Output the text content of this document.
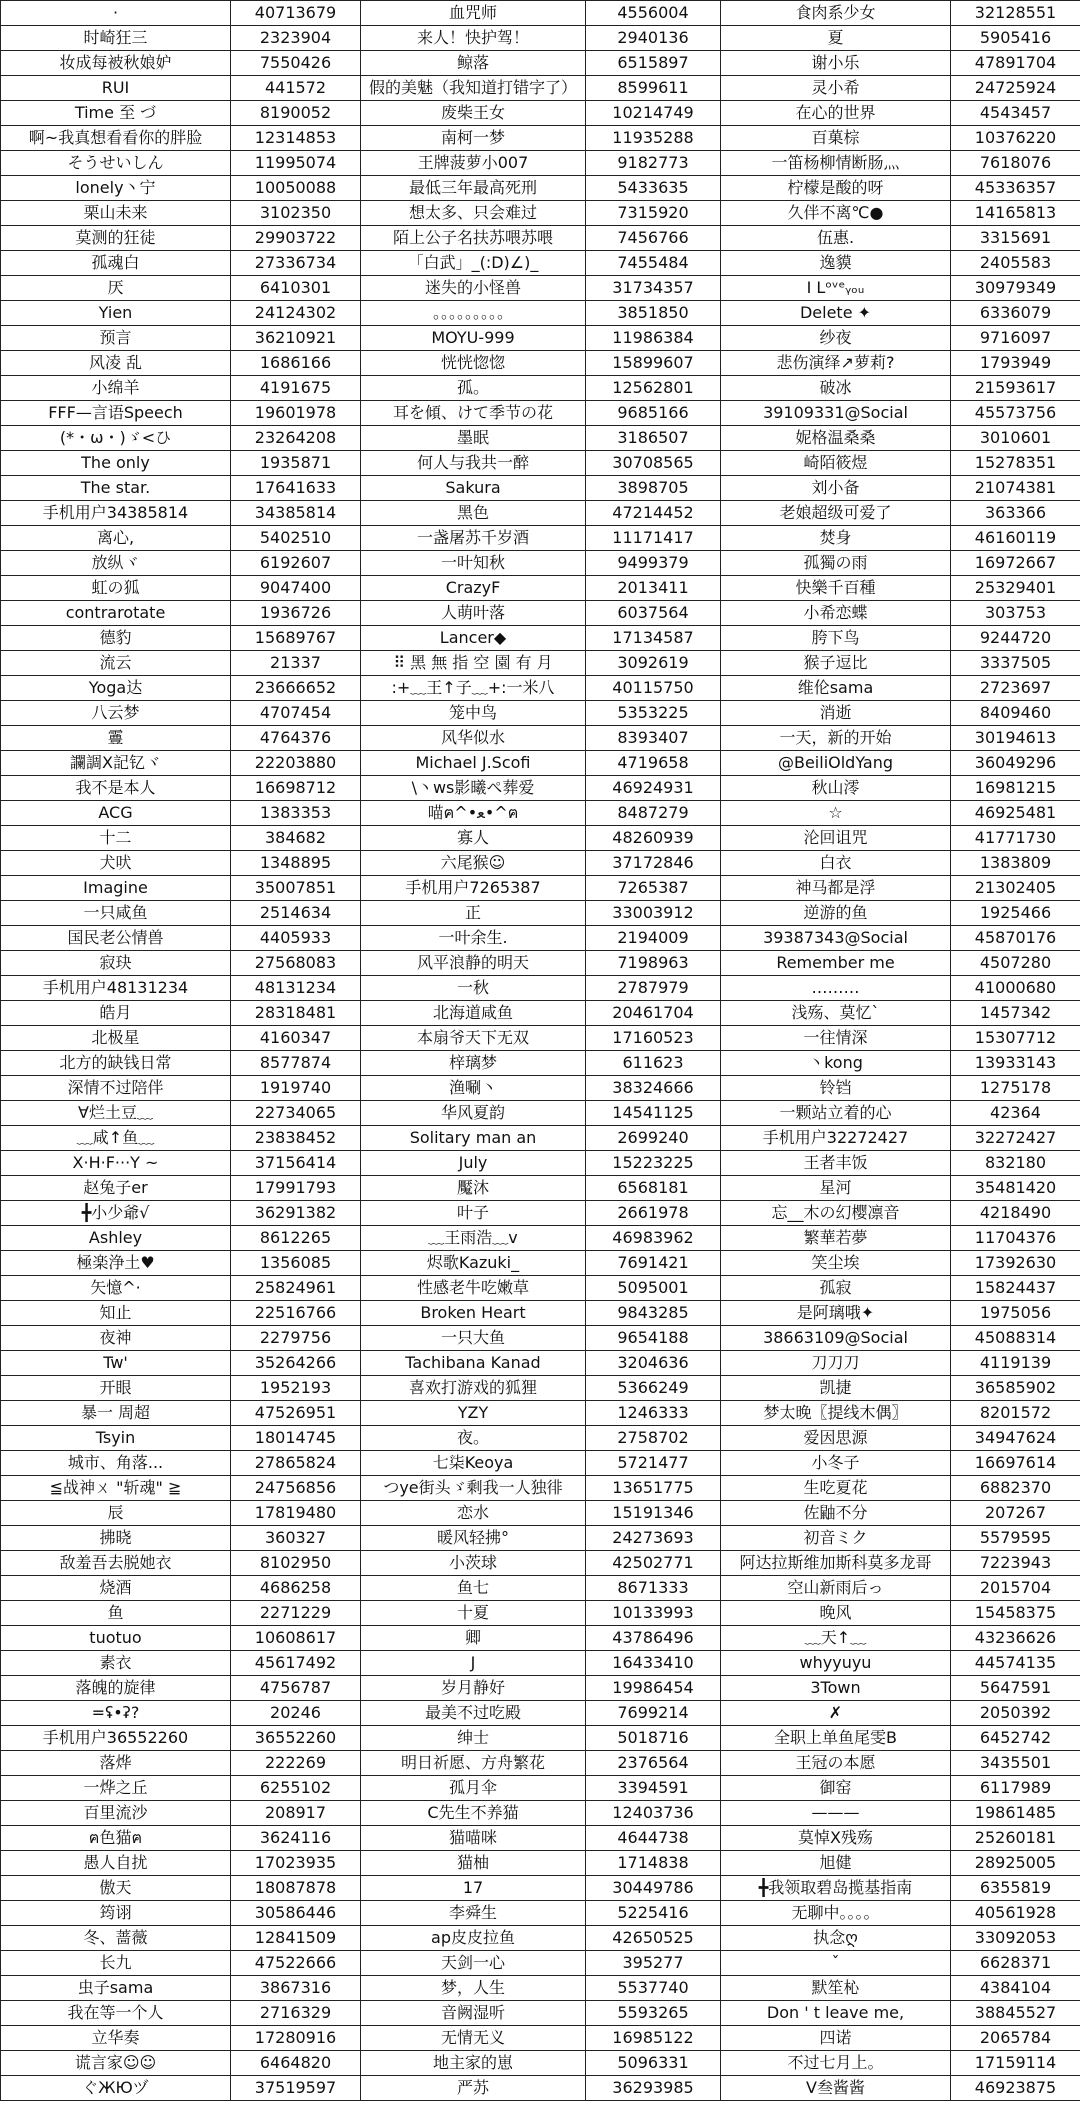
·	40713679	血咒师	4556004	食肉系少女	32128551
时崎狂三	2323904	来人！快护驾！	2940136	夏	5905416
妆成每被秋娘妒	7550426	鲸落	6515897	谢小乐	47891704
RUI	441572	假的美魅（我知道打错字了）	8599611	灵小希	24725924
Time 至 づ	8190052	废柴王女	10214749	在心的世界	4543457
啊~我真想看看你的胖脸	12314853	南柯一梦	11935288	百菓棕	10376220
そうせいしん	11995074	王牌菠萝小007	9182773	一笛杨柳情断肠灬	7618076
lonely丶宁	10050088	最低三年最高死刑	5433635	柠檬是酸的呀	45336357
栗山未来	3102350	想太多、只会难过	7315920	久伴不离℃●	14165813
莫测的狂徒	29903722	陌上公子名扶苏喂苏喂	7456766	伍惠.	3315691
孤魂白	27336734	「白武」_(:D)∠)_	7455484	逸貘	2405583
厌	6410301	迷失的小怪兽	31734357	I Lᵒᵛᵉᵧₒᵤ	30979349
Yien	24124302	。。。。。。。。。	3851850	Delete ✦	6336079
预言	36210921	MOYU-999	11986384	纱夜	9716097
风凌 乱	1686166	恍恍惚惚	15899607	悲伤演绎↗萝莉?	1793949
小绵羊	4191675	孤。	12562801	破冰	21593617
FFF—言语Speech	19601978	耳を傾、けて季节の花	9685166	39109331@Social	45573756
(*・ω・)ゞ<ひ	23264208	墨眠	3186507	妮格温桑桑	3010601
The only	1935871	何人与我共一醉	30708565	崎陌筱煜	15278351
The star.	17641633	Sakura	3898705	刘小备	21074381
手机用户34385814	34385814	黑色	47214452	老娘超级可爱了	363366
离心,	5402510	一盏屠苏千岁酒	11171417	焚身	46160119
放纵ヾ	6192607	一叶知秋	9499379	孤獨の雨	16972667
虹の狐	9047400	CrazyF	2013411	快樂千百種	25329401
contrarotate	1936726	人萌叶落	6037564	小希恋蝶	303753
德豹	15689767	Lancer◆	17134587	胯下鸟	9244720
流云	21337	⠿ 黑 無 指 空 園 有 月	3092619	猴子逗比	3337505
Yoga达	23666652	:+﹏王↑子﹏+:一米八	40115750	维伦sama	2723697
八云梦	4707454	笼中鸟	5353225	消逝	8409460
霻	4764376	风华似水	8393407	一天，新的开始	30194613
讕調Ⅹ記钇ヾ	22203880	Michael J.Scofi	4719658	@BeiliOldYang	36049296
我不是本人	16698712	\丶ws影曦ペ葬爱	46924931	秋山澪	16981215
ACG	1383353	喵ฅ^•ﻌ•^ฅ	8487279	☆	46925481
十二	384682	寡人	48260939	沦回诅咒	41771730
犬吠	1348895	六尾猴☺	37172846	白衣	1383809
Imagine	35007851	手机用户7265387	7265387	神马都是浮	21302405
一只咸鱼	2514634	正	33003912	逆游的鱼	1925466
国民老公情兽	4405933	一叶余生.	2194009	39387343@Social	45870176
寂玦	27568083	风平浪静的明天	7198963	Remember me	4507280
手机用户48131234	48131234	一秋	2787979	………	41000680
皓月	28318481	北海道咸鱼	20461704	浅殇、莫忆`	1457342
北极星	4160347	本扇爷天下无双	17160523	一往情深	15307712
北方的缺钱日常	8577874	梓璃梦	611623	丶kong	13933143
深情不过陪伴	1919740	渔唰丶	38324666	铃铛	1275178
∀烂土豆﹏	22734065	华风夏韵	14541125	一颗站立着的心	42364
﹏咸↑鱼﹏	23838452	Solitary man an	2699240	手机用户32272427	32272427
X·H·F···Y ~	37156414	July	15223225	王者丰饭	832180
赵兔子er	17991793	魘沐	6568181	星河	35481420
╋小少爺√	36291382	叶子	2661978	忘__木の幻樱凛音	4218490
Ashley	8612265	﹏王雨浩﹏v	46983962	繁華若夢	11704376
極楽浄土♥	1356085	烬歌Kazuki_	7691421	笑尘埃	17392630
矢憶^·	25824961	性感老牛吃嫩草	5095001	孤寂	15824437
知止	22516766	Broken Heart	9843285	是阿璃哦✦	1975056
夜神	2279756	一只大鱼	9654188	38663109@Social	45088314
Tw'	35264266	Tachibana Kanad	3204636	刀刀刀	4119139
开眼	1952193	喜欢打游戏的狐狸	5366249	凯捷	36585902
暴一 周超	47526951	YZY	1246333	梦太晚〖提线木偶〗	8201572
Tsyin	18014745	夜。	2758702	爱因思源	34947624
城市、角落...	27865824	七柒Keoya	5721477	小冬子	16697614
≦战神ㄨ "斩魂" ≧	24756856	つye街头ゞ剩我一人独徘	13651775	生吃夏花	6882370
辰	17819480	恋水	15191346	佐鼬不分	207267
拂晓	360327	暖风轻拂°	24273693	初音ミク	5579595
敌羞吾去脱她衣	8102950	小茨球	42502771	阿达拉斯维加斯科莫多龙哥	7223943
烧酒	4686258	鱼七	8671333	空山新雨后っ	2015704
鱼	2271229	十夏	10133993	晚风	15458375
tuotuo	10608617	卿	43786496	﹏天↑﹏	43236626
素衣	45617492	J	16433410	whyyuyu	44574135
落魄的旋律	4756787	岁月静好	19986454	3Town	5647591
=ʢ•ʡ?	20246	最美不过吃殿	7699214	✗	2050392
手机用户36552260	36552260	绅士	5018716	全职上单鱼尾雯B	6452742
落烨	222269	明日祈愿、方舟繁花	2376564	王冠の本愿	3435501
一烨之丘	6255102	孤月伞	3394591	御窑	6117989
百里流沙	208917	C先生不养猫	12403736	———	19861485
ฅ色猫ฅ	3624116	猫喵咪	4644738	莫悼Ⅹ残殇	25260181
愚人自扰	17023935	猫柚	1714838	旭健	28925005
傲天	18087878	17	30449786	╋我领取碧岛揽基指南	6355819
筠诩	30586446	李舜生	5225416	无聊中。。。。	40561928
冬、蔷薇	12841509	ap皮皮拉鱼	42650525	执念ღ	33092053
长九	47522666	天剑一心	395277	ˇ	6628371
虫子sama	3867316	梦，人生	5537740	默笙杺	4384104
我在等一个人	2716329	音阙湿听	5593265	Don ' t leave me,	38845527
立华奏	17280916	无情无义	16985122	四诺	2065784
谎言家☺☺	6464820	地主家的崽	5096331	不过七月上。	17159114
ぐЖЮヅ	37519597	严苏	36293985	V叁酱酱	46923875
